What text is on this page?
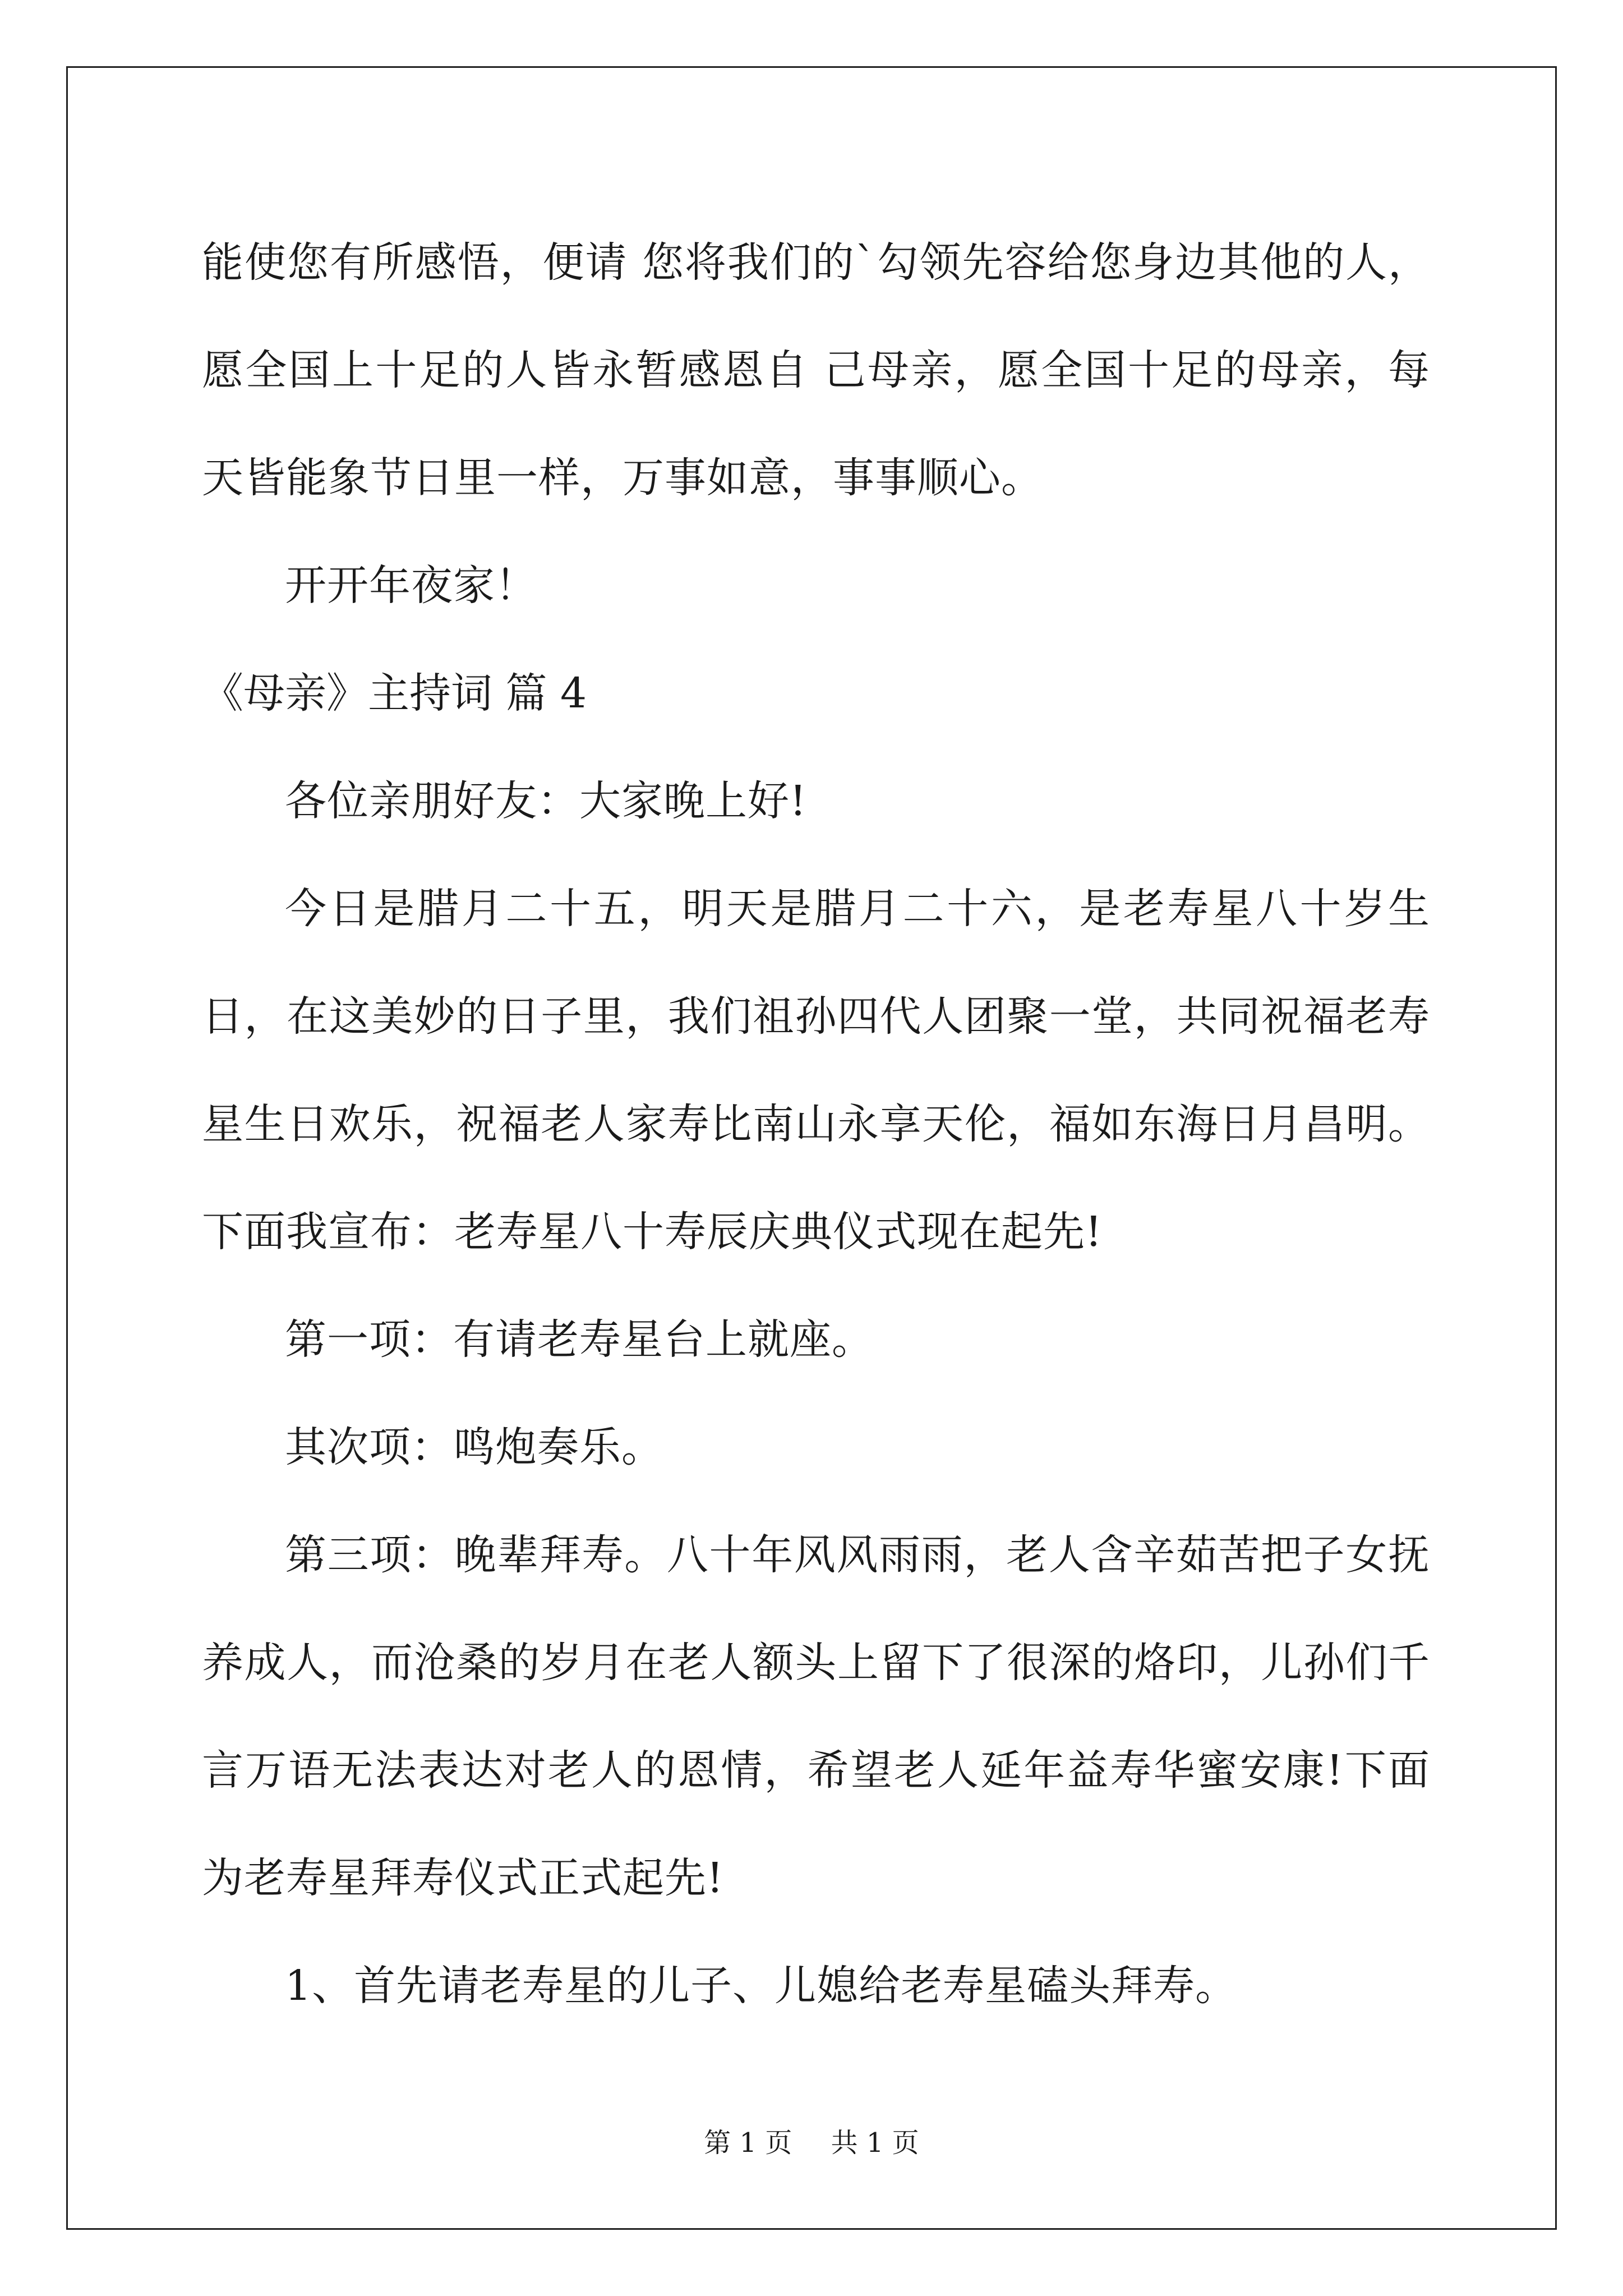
能使您有所感悟，便请 您将我们的`勾领先容给您身边其他的人，愿全国上十足的人皆永暂感恩自 己母亲，愿全国十足的母亲，每天皆能象节日里一样，万事如意，事事顺心。

开开年夜家！

《母亲》主持词 篇 4

各位亲朋好友：大家晚上好!

今日是腊月二十五，明天是腊月二十六，是老寿星八十岁生日，在这美妙的日子里，我们祖孙四代人团聚一堂，共同祝福老寿星生日欢乐，祝福老人家寿比南山永享天伦，福如东海日月昌明。下面我宣布：老寿星八十寿辰庆典仪式现在起先!

第一项：有请老寿星台上就座。

其次项：鸣炮奏乐。

第三项：晚辈拜寿。八十年风风雨雨，老人含辛茹苦把子女抚养成人，而沧桑的岁月在老人额头上留下了很深的烙印，儿孙们千言万语无法表达对老人的恩情，希望老人延年益寿华蜜安康!下面为老寿星拜寿仪式正式起先!

1、首先请老寿星的儿子、儿媳给老寿星磕头拜寿。

第 1 页 共 1 页
